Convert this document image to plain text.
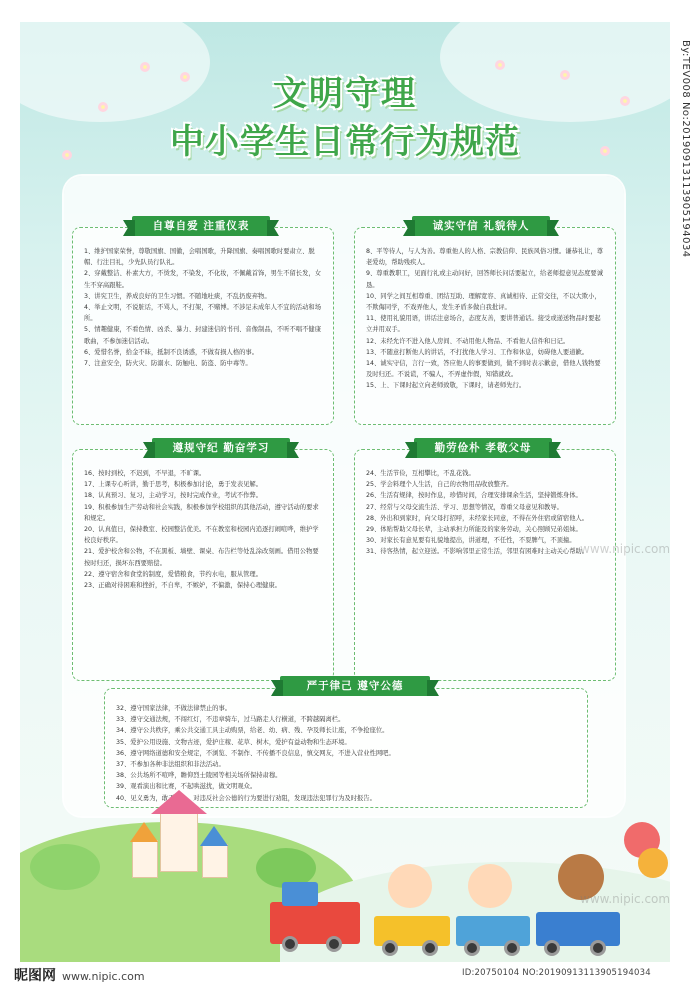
文明守理
中小学生日常行为规范
自尊自爱 注重仪表
1、维护国家荣誉，尊敬国旗、国徽，会唱国歌，升降国旗、奏唱国歌时要肃立、脱帽、行注目礼，少先队员行队礼。
2、穿戴整洁、朴素大方，不烫发，不染发，不化妆，不佩戴首饰，男生不留长发，女生不穿高跟鞋。
3、讲究卫生，养成良好的卫生习惯。不随地吐痰，不乱扔废弃物。
4、举止文明，不说脏话，不骂人，不打架，不赌博。不涉足未成年人不宜的活动和场所。
5、情趣健康，不看色情、凶杀、暴力、封建迷信的书刊、音像制品，不听不唱不健康歌曲，不参加迷信活动。
6、爱惜名誉，拾金不昧，抵制不良诱惑，不做有损人格的事。
7、注意安全，防火灾、防溺水、防触电、防盗、防中毒等。
诚实守信 礼貌待人
8、平等待人，与人为善。尊重他人的人格、宗教信仰、民族风俗习惯。谦恭礼让，尊老爱幼，帮助残疾人。
9、尊重教职工，见面行礼或主动问好，回答师长问话要起立，给老师提意见态度要诚恳。
10、同学之间互相尊重、团结互助、理解宽容、真诚相待、正常交往，不以大欺小，不欺侮同学，不戏弄他人，发生矛盾多做自我批评。
11、使用礼貌用语，讲话注意场合，态度友善，要讲普通话。接受或递送物品时要起立并用双手。
12、未经允许不进入他人房间、不动用他人物品、不看他人信件和日记。
13、不随意打断他人的讲话，不打扰他人学习、工作和休息，妨碍他人要道歉。
14、诚实守信，言行一致，答应他人的事要做到，做不到时表示歉意，借他人钱物要及时归还。不说谎，不骗人，不弄虚作假，知错就改。
15、上、下课时起立向老师致敬，下课时，请老师先行。
遵规守纪 勤奋学习
16、按时到校，不迟到，不早退，不旷课。
17、上课专心听讲，勤于思考，积极参加讨论，勇于发表见解。
18、认真预习、复习，主动学习，按时完成作业，考试不作弊。
19、积极参加生产劳动和社会实践，积极参加学校组织的其他活动，遵守活动的要求和规定。
20、认真值日，保持教室、校园整洁优美。不在教室和校园内追逐打闹喧哗，维护学校良好秩序。
21、爱护校舍和公物，不在黑板、墙壁、课桌、布告栏等处乱涂改刻画。借用公物要按时归还，损坏东西要赔偿。
22、遵守宿舍和食堂的制度，爱惜粮食，节约水电，服从管理。
23、正确对待困难和挫折，不自卑，不嫉妒，不偏激，保持心理健康。
勤劳俭朴 孝敬父母
24、生活节俭，互相攀比，不乱花钱。
25、学会料理个人生活，自己的衣物用品收放整齐。
26、生活有规律，按时作息，珍惜时间，合理安排课余生活，坚持锻炼身体。
27、经常与父母交流生活、学习、思想等情况，尊重父母意见和教导。
28、外出和到家时，向父母打招呼，未经家长同意，不得在外住宿或留宿他人。
29、体贴帮助父母长辈，主动承担力所能及的家务劳动，关心照顾兄弟姐妹。
30、对家长有意见要有礼貌地提出，讲道理，不任性，不耍脾气，不顶撞。
31、待客热情，起立迎送。不影响邻里正常生活，邻里有困难时主动关心帮助。
严于律己 遵守公德
32、遵守国家法律，不做法律禁止的事。
33、遵守交通法规，不闯红灯，不违章骑车，过马路走人行横道，不跨越隔离栏。
34、遵守公共秩序，乘公共交通工具主动购票，给老、幼、病、残、孕及师长让座，不争抢座位。
35、爱护公用设施、文物古迹，爱护庄稼、花草、树木，爱护有益动物和生态环境。
36、遵守网络道德和安全规定，不浏览、不制作、不传播不良信息，慎交网友，不进入营业性网吧。
37、不参加各种非法组织和非法活动。
38、公共场所不喧哗，瞻仰烈士陵园等相关场所保持肃穆。
39、观看演出和比赛，不起哄滋扰，做文明观众。
40、见义勇为，敢于斗争，对违反社会公德的行为要进行劝阻，发现违法犯罪行为及时报告。
www.nipic.com
www.nipic.com
By:TEV008 No:20190913113905194034
昵图网 www.nipic.com	ID:20750104 NO:20190913113905194034
